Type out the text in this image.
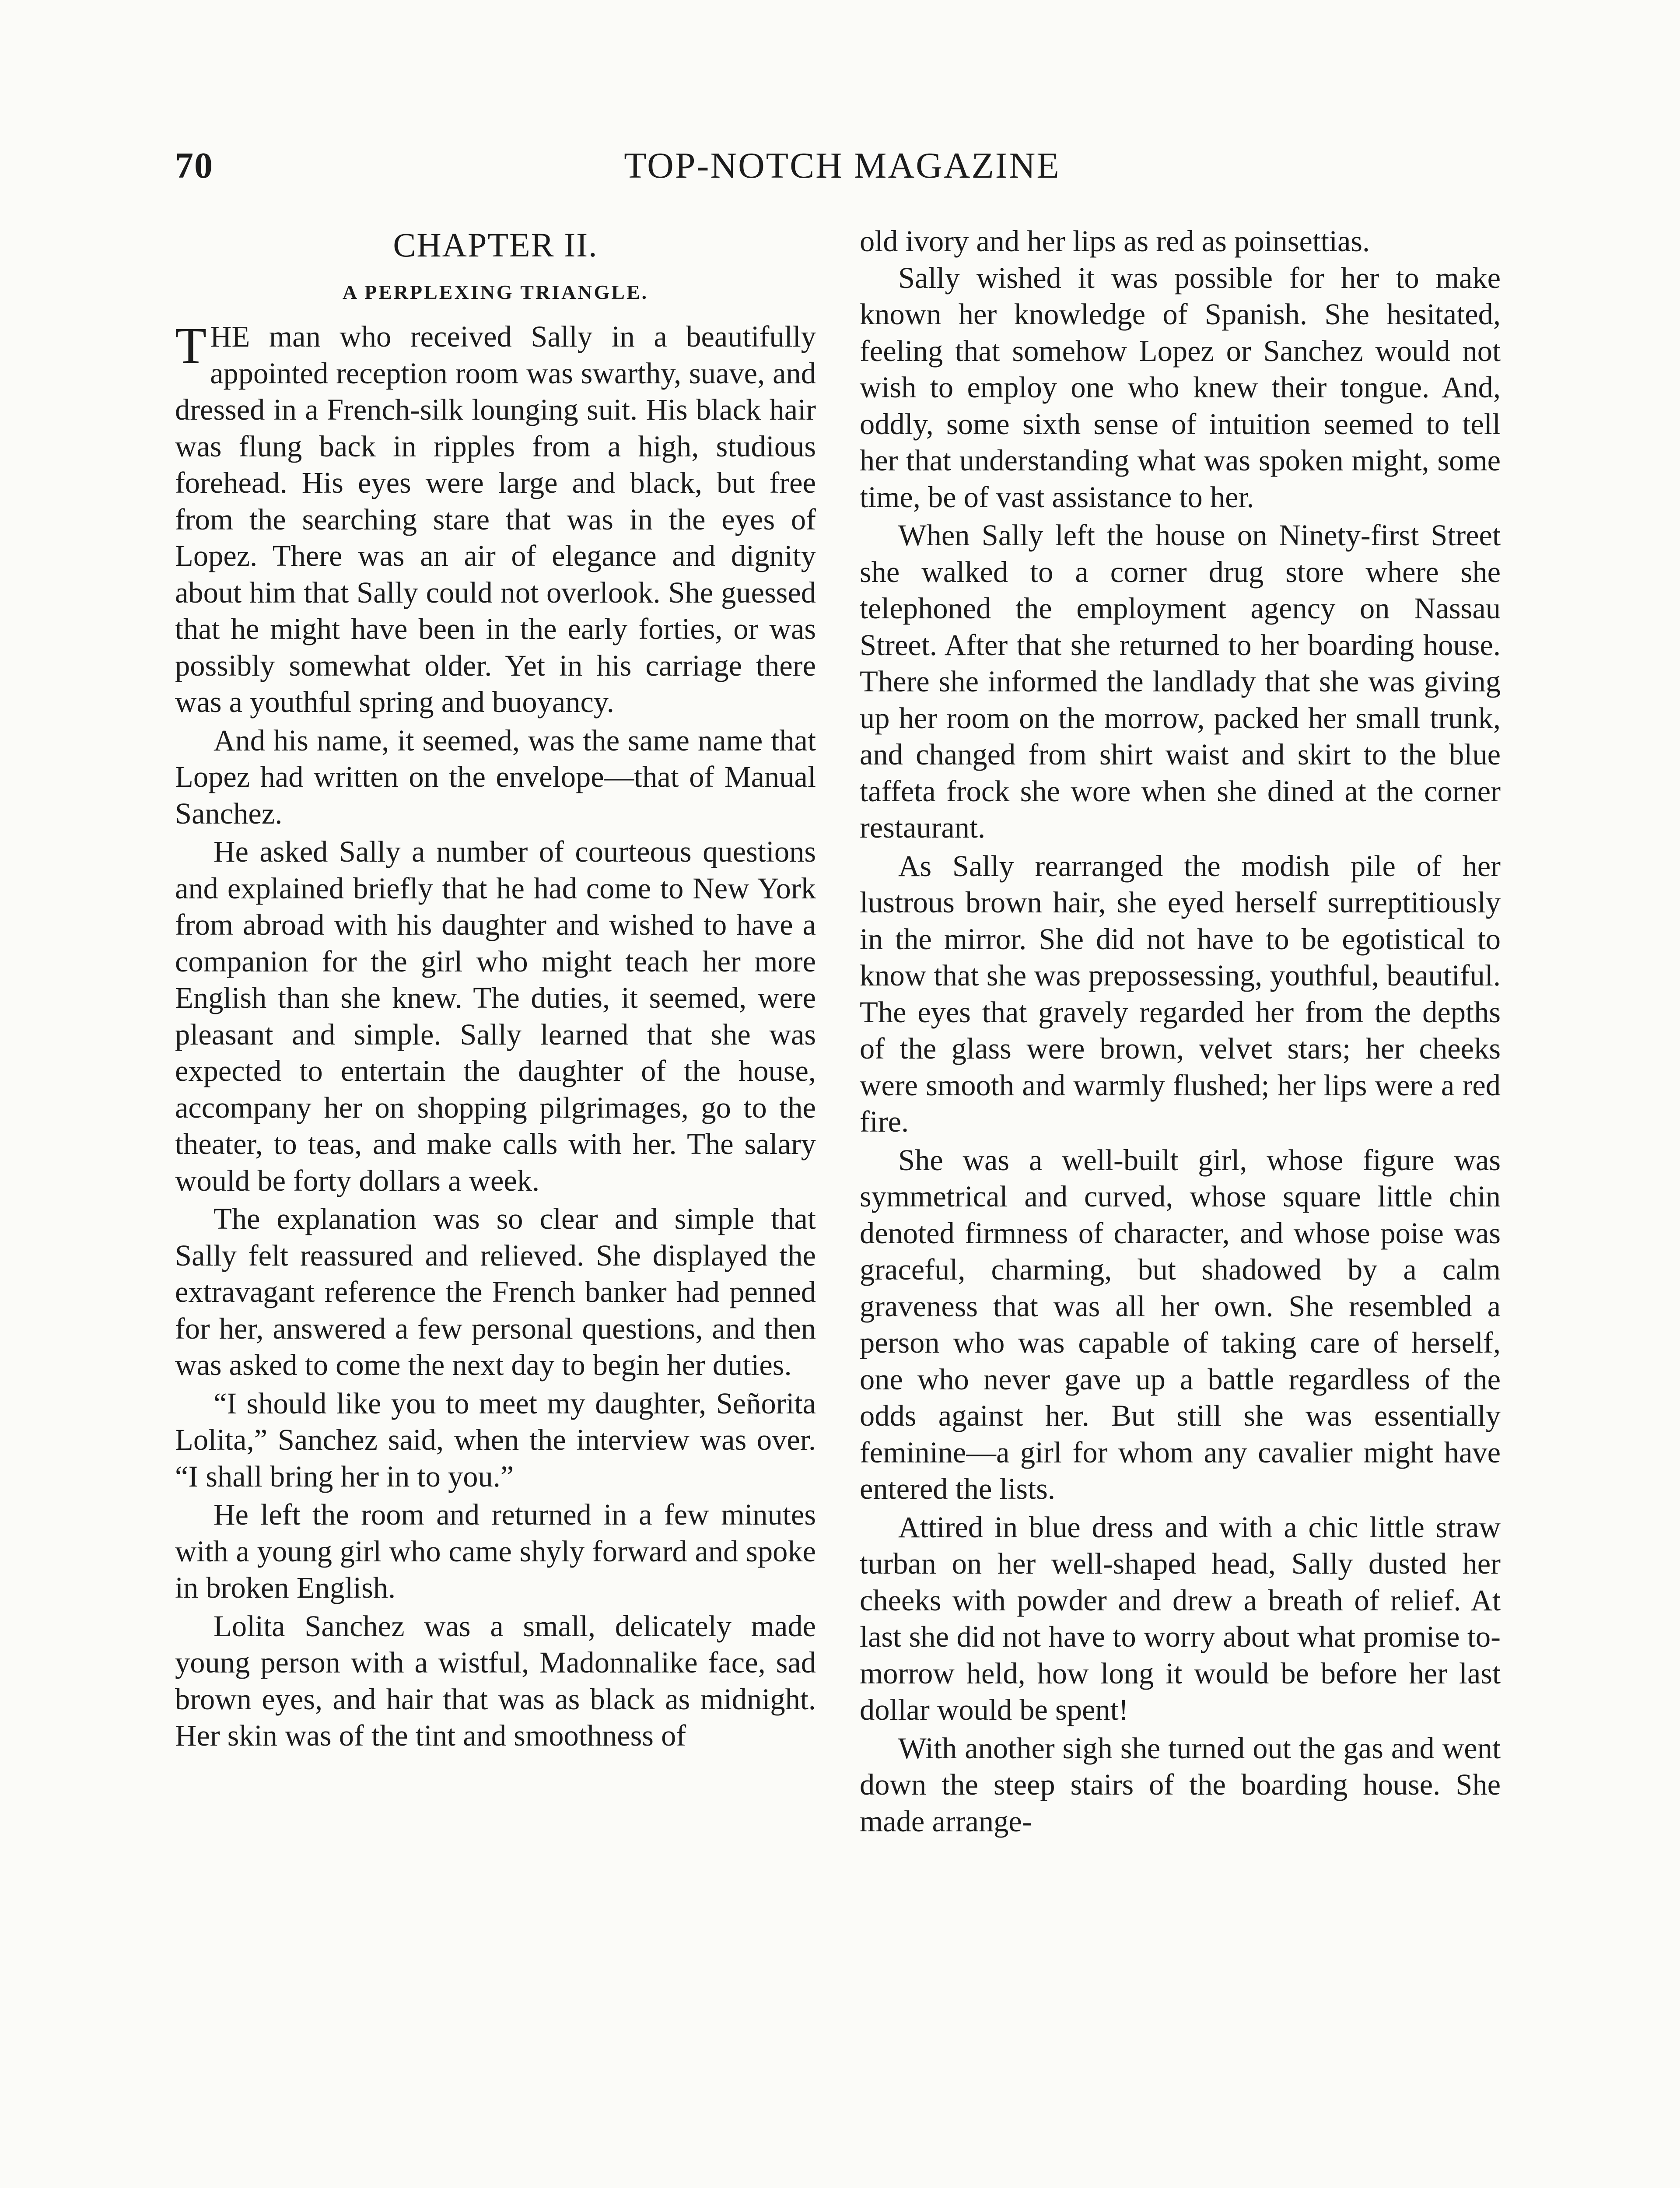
70	TOP-NOTCH MAGAZINE
CHAPTER II.
A PERPLEXING TRIANGLE.

THE man who received Sally in a beautifully appointed reception room was swarthy, suave, and dressed in a French-silk lounging suit. His black hair was flung back in ripples from a high, studious forehead. His eyes were large and black, but free from the searching stare that was in the eyes of Lopez. There was an air of elegance and dignity about him that Sally could not overlook. She guessed that he might have been in the early forties, or was possibly somewhat older. Yet in his carriage there was a youthful spring and buoyancy.

And his name, it seemed, was the same name that Lopez had written on the envelope—that of Manual Sanchez.

He asked Sally a number of courteous questions and explained briefly that he had come to New York from abroad with his daughter and wished to have a companion for the girl who might teach her more English than she knew. The duties, it seemed, were pleasant and simple. Sally learned that she was expected to entertain the daughter of the house, accompany her on shopping pilgrimages, go to the theater, to teas, and make calls with her. The salary would be forty dollars a week.

The explanation was so clear and simple that Sally felt reassured and relieved. She displayed the extravagant reference the French banker had penned for her, answered a few personal questions, and then was asked to come the next day to begin her duties.

“I should like you to meet my daughter, Señorita Lolita,” Sanchez said, when the interview was over. “I shall bring her in to you.”

He left the room and returned in a few minutes with a young girl who came shyly forward and spoke in broken English.

Lolita Sanchez was a small, delicately made young person with a wistful, Madonnalike face, sad brown eyes, and hair that was as black as midnight. Her skin was of the tint and smoothness of

old ivory and her lips as red as poinsettias.

Sally wished it was possible for her to make known her knowledge of Spanish. She hesitated, feeling that somehow Lopez or Sanchez would not wish to employ one who knew their tongue. And, oddly, some sixth sense of intuition seemed to tell her that understanding what was spoken might, some time, be of vast assistance to her.

When Sally left the house on Ninety-first Street she walked to a corner drug store where she telephoned the employment agency on Nassau Street. After that she returned to her boarding house. There she informed the landlady that she was giving up her room on the morrow, packed her small trunk, and changed from shirt waist and skirt to the blue taffeta frock she wore when she dined at the corner restaurant.

As Sally rearranged the modish pile of her lustrous brown hair, she eyed herself surreptitiously in the mirror. She did not have to be egotistical to know that she was prepossessing, youthful, beautiful. The eyes that gravely regarded her from the depths of the glass were brown, velvet stars; her cheeks were smooth and warmly flushed; her lips were a red fire.

She was a well-built girl, whose figure was symmetrical and curved, whose square little chin denoted firmness of character, and whose poise was graceful, charming, but shadowed by a calm graveness that was all her own. She resembled a person who was capable of taking care of herself, one who never gave up a battle regardless of the odds against her. But still she was essentially feminine—a girl for whom any cavalier might have entered the lists.

Attired in blue dress and with a chic little straw turban on her well-shaped head, Sally dusted her cheeks with powder and drew a breath of relief. At last she did not have to worry about what promise to-morrow held, how long it would be before her last dollar would be spent!

With another sigh she turned out the gas and went down the steep stairs of the boarding house. She made arrange-
